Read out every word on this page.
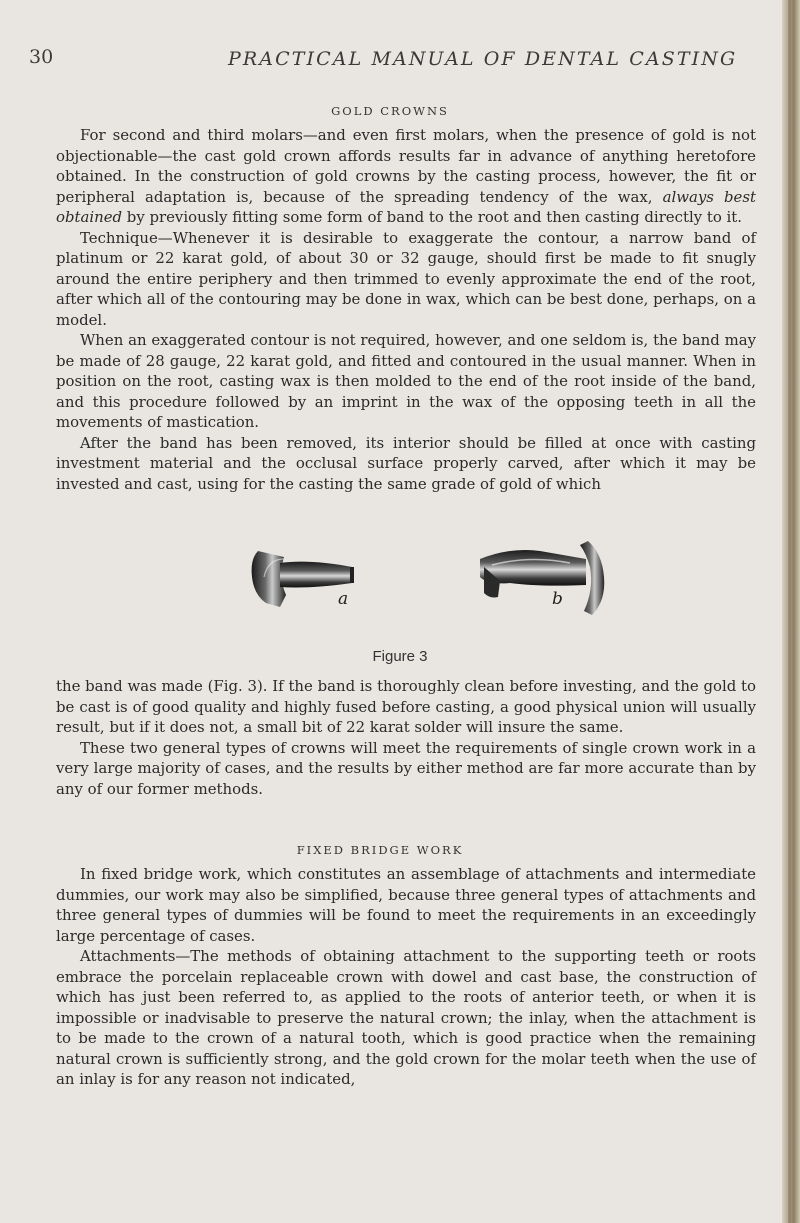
30	PRACTICAL MANUAL OF DENTAL CASTING
GOLD CROWNS

For second and third molars—and even first molars, when the presence of gold is not objectionable—the cast gold crown affords results far in advance of anything heretofore obtained. In the construction of gold crowns by the casting process, however, the fit or peripheral adaptation is, because of the spreading tendency of the wax, always best obtained by previously fitting some form of band to the root and then casting directly to it.

Technique—Whenever it is desirable to exaggerate the contour, a narrow band of platinum or 22 karat gold, of about 30 or 32 gauge, should first be made to fit snugly around the entire periphery and then trimmed to evenly approximate the end of the root, after which all of the contouring may be done in wax, which can be best done, perhaps, on a model.

When an exaggerated contour is not required, however, and one seldom is, the band may be made of 28 gauge, 22 karat gold, and fitted and contoured in the usual manner. When in position on the root, casting wax is then molded to the end of the root inside of the band, and this procedure followed by an imprint in the wax of the opposing teeth in all the movements of mastication.

After the band has been removed, its interior should be filled at once with casting investment material and the occlusal surface properly carved, after which it may be invested and cast, using for the casting the same grade of gold of which

a	b
Figure 3

the band was made (Fig. 3). If the band is thoroughly clean before investing, and the gold to be cast is of good quality and highly fused before casting, a good physical union will usually result, but if it does not, a small bit of 22 karat solder will insure the same.

These two general types of crowns will meet the requirements of single crown work in a very large majority of cases, and the results by either method are far more accurate than by any of our former methods.

FIXED BRIDGE WORK

In fixed bridge work, which constitutes an assemblage of attachments and intermediate dummies, our work may also be simplified, because three general types of attachments and three general types of dummies will be found to meet the requirements in an exceedingly large percentage of cases.

Attachments—The methods of obtaining attachment to the supporting teeth or roots embrace the porcelain replaceable crown with dowel and cast base, the construction of which has just been referred to, as applied to the roots of anterior teeth, or when it is impossible or inadvisable to preserve the natural crown; the inlay, when the attachment is to be made to the crown of a natural tooth, which is good practice when the remaining natural crown is sufficiently strong, and the gold crown for the molar teeth when the use of an inlay is for any reason not indicated,
